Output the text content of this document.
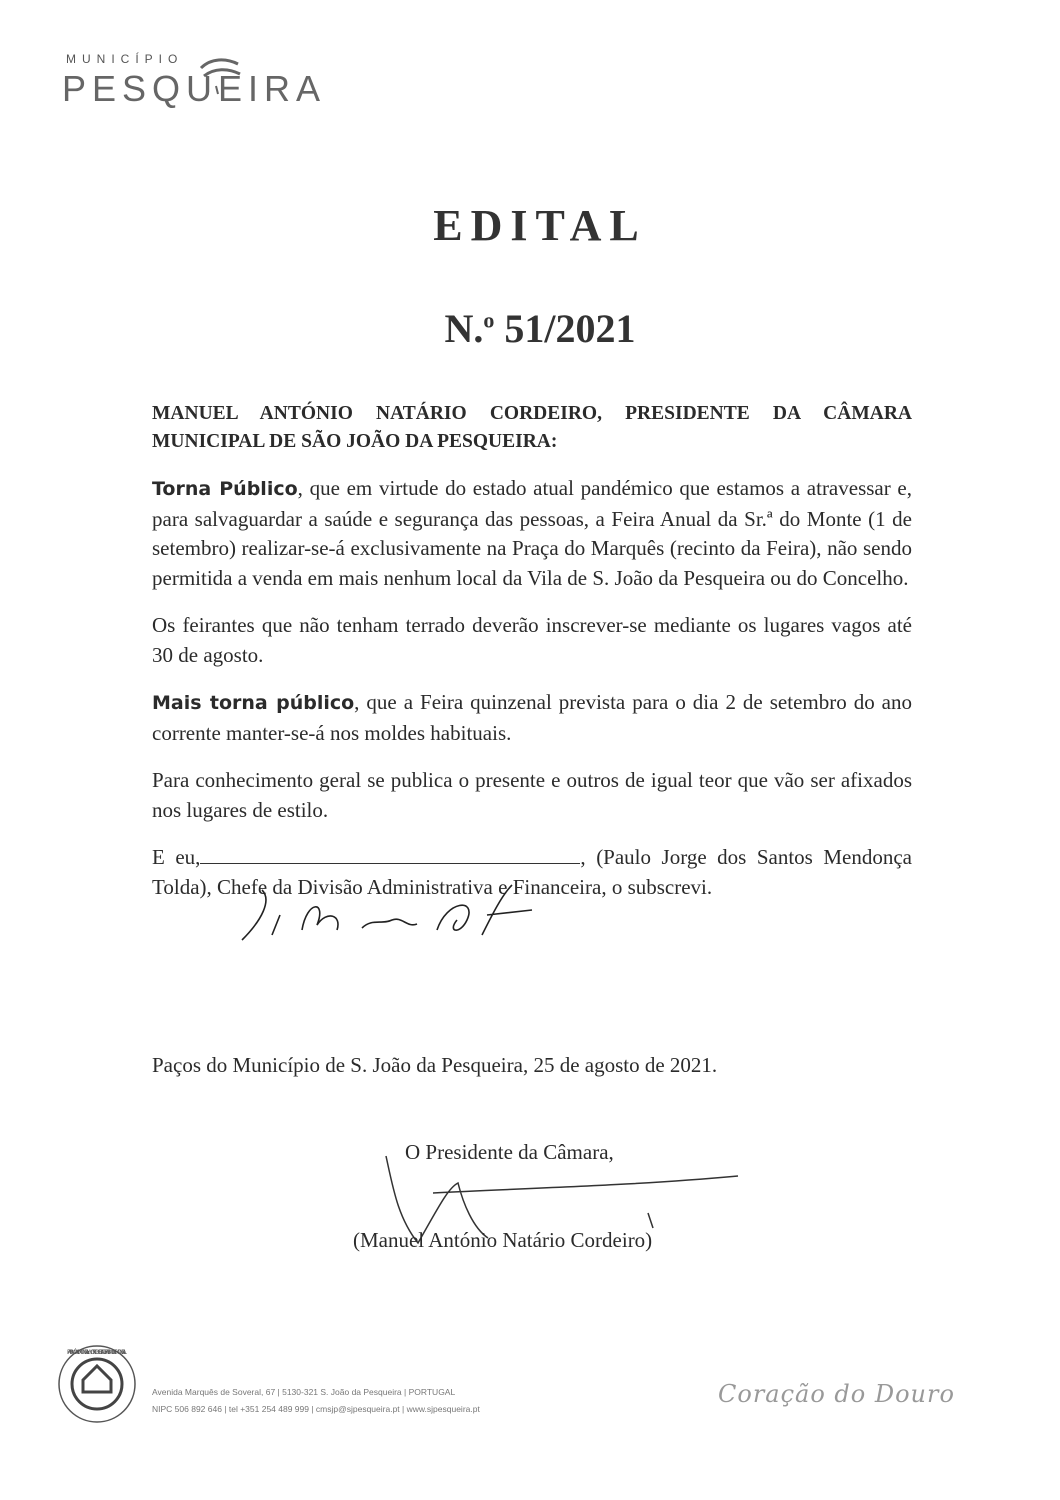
MUNICÍPIO
PESQUEIRA
EDITAL
N.$^o$ 51/2021

MANUEL ANTÓNIO NATÁRIO CORDEIRO, PRESIDENTE DA CÂMARA MUNICIPAL DE SÃO JOÃO DA PESQUEIRA:

Torna Público, que em virtude do estado atual pandémico que estamos a atravessar e, para salvaguardar a saúde e segurança das pessoas, a Feira Anual da Sr.ª do Monte (1 de setembro) realizar-se-á exclusivamente na Praça do Marquês (recinto da Feira), não sendo permitida a venda em mais nenhum local da Vila de S. João da Pesqueira ou do Concelho.

Os feirantes que não tenham terrado deverão inscrever-se mediante os lugares vagos até 30 de agosto.

Mais torna público, que a Feira quinzenal prevista para o dia 2 de setembro do ano corrente manter-se-á nos moldes habituais.

Para conhecimento geral se publica o presente e outros de igual teor que vão ser afixados nos lugares de estilo.

E eu,	, (Paulo Jorge dos Santos Mendonça Tolda), Chefe da Divisão Administrativa e Financeira, o subscrevi.

Paços do Município de S. João da Pesqueira, 25 de agosto de 2021.
O Presidente da Câmara,
(Manuel António Natário Cordeiro)
PATRIMÓNIO MUNDIAL • WORLD HERITAGE • PATRIMOINE MONDIAL
Avenida Marquês de Soveral, 67 | 5130-321 S. João da Pesqueira | PORTUGAL
NIPC 506 892 646 | tel +351 254 489 999 | cmsjp@sjpesqueira.pt | www.sjpesqueira.pt
Coração do Douro
